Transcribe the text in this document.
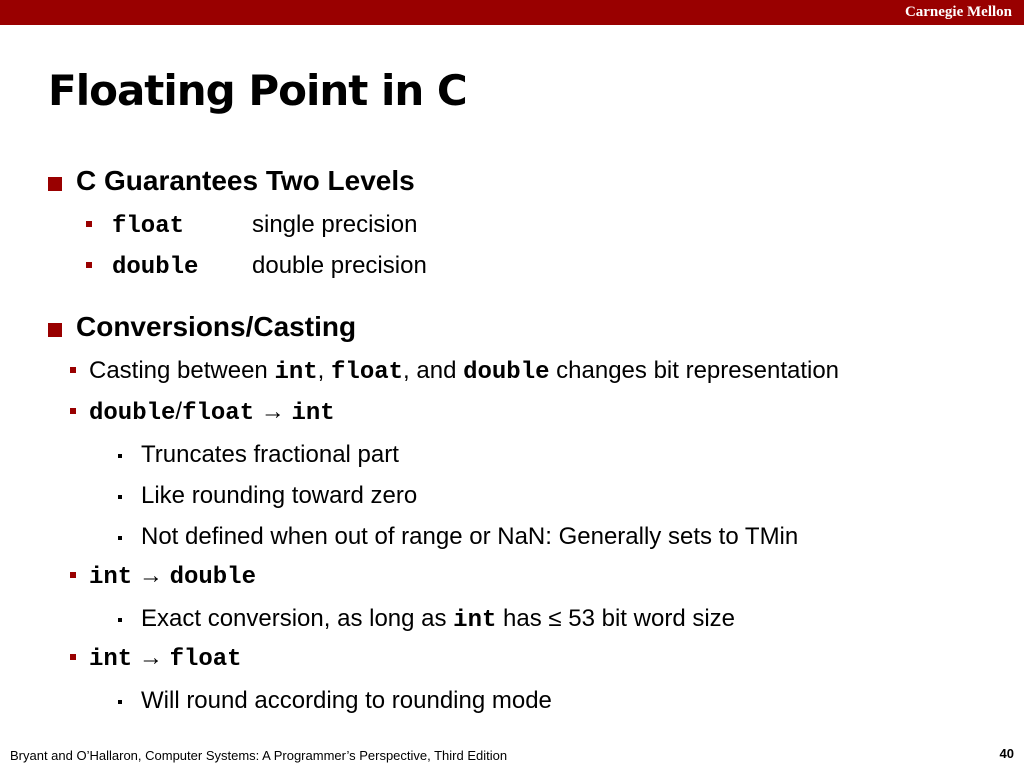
Carnegie Mellon
Floating Point in C
C Guarantees Two Levels
float	single precision
double double precision
Conversions/Casting
Casting between int, float, and double changes bit representation
double/float → int
Truncates fractional part
Like rounding toward zero
Not defined when out of range or NaN: Generally sets to TMin
int → double
Exact conversion, as long as int has ≤ 53 bit word size
int → float
Will round according to rounding mode
Bryant and O’Hallaron, Computer Systems: A Programmer’s Perspective, Third Edition	40
